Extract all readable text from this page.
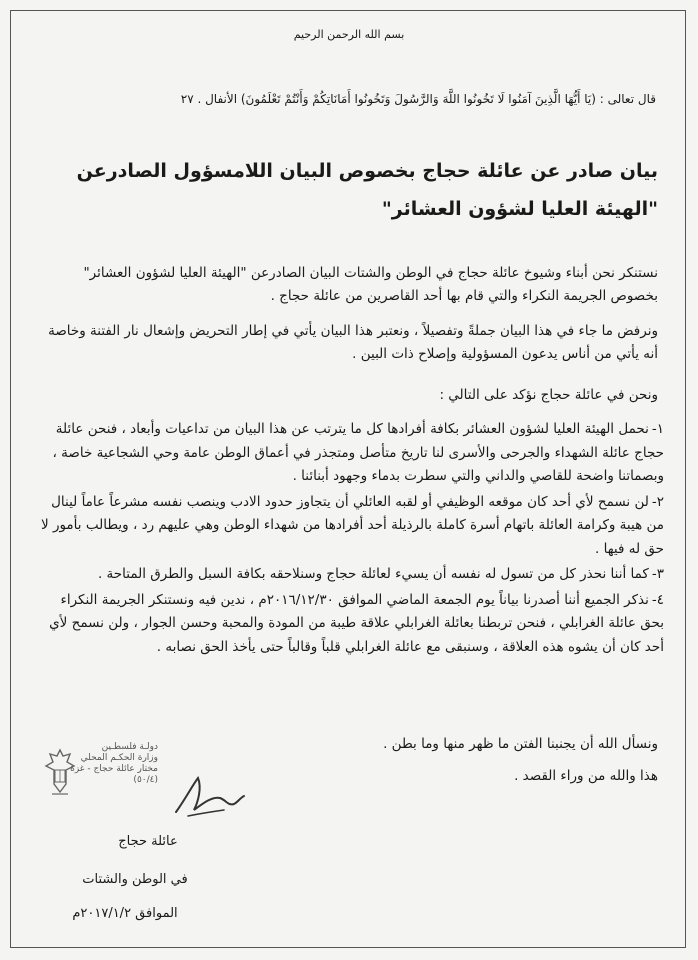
بسم الله الرحمن الرحيم
قال تعالى : (يَا أَيُّهَا الَّذِينَ آمَنُوا لَا تَخُونُوا اللَّهَ وَالرَّسُولَ وَتَخُونُوا أَمَانَاتِكُمْ وَأَنْتُمْ تَعْلَمُونَ) الأنفال . ٢٧
بيان صادر عن عائلة حجاج بخصوص البيان اللامسؤول الصادرعن "الهيئة العليا لشؤون العشائر"
نستنكر نحن أبناء وشيوخ عائلة حجاج في الوطن والشتات البيان الصادرعن "الهيئة العليا لشؤون العشائر" بخصوص الجريمة النكراء والتي قام بها أحد القاصرين من عائلة حجاج .
ونرفض ما جاء في هذا البيان جملةً وتفصيلاً ، ونعتبر هذا البيان يأتي في إطار التحريض وإشعال نار الفتنة وخاصة أنه يأتي من أناس يدعون المسؤولية وإصلاح ذات البين .
ونحن في عائلة حجاج نؤكد على التالي :
١-نحمل الهيئة العليا لشؤون العشائر بكافة أفرادها كل ما يترتب عن هذا البيان من تداعيات وأبعاد ، فنحن عائلة حجاج عائلة الشهداء والجرحى والأسرى لنا تاريخ متأصل ومتجذر في أعماق الوطن عامة وحي الشجاعية خاصة ، وبصماتنا واضحة للقاصي والداني والتي سطرت بدماء وجهود أبنائنا .
٢-لن نسمح لأي أحد كان موقعه الوظيفي أو لقبه العائلي أن يتجاوز حدود الادب وينصب نفسه مشرعاً عاماً لينال من هيبة وكرامة العائلة باتهام أسرة كاملة بالرذيلة أحد أفرادها من شهداء الوطن وهي عليهم رد ، ويطالب بأمور لا حق له فيها .
٣-كما أننا نحذر كل من تسول له نفسه أن يسيء لعائلة حجاج وسنلاحقه بكافة السبل والطرق المتاحة .
٤-نذكر الجميع أننا أصدرنا بياناً يوم الجمعة الماضي الموافق ٢٠١٦/١٢/٣٠م ، ندين فيه ونستنكر الجريمة النكراء بحق عائلة الغرابلي ، فنحن تربطنا بعائلة الغرابلي علاقة طيبة من المودة والمحبة وحسن الجوار ، ولن نسمح لأي أحد كان أن يشوه هذه العلاقة ، وسنبقى مع عائلة الغرابلي قلباً وقالباً حتى يأخذ الحق نصابه .
ونسأل الله أن يجنبنا الفتن ما ظهر منها وما بطن .
هذا والله من وراء القصد .
دولـة فلسطـين
وزارة الحكـم المحلي
مختار عائلة حجاج - غزة
(٥٠/٤)
عائلة حجاج
في الوطن والشتات
الموافق ٢٠١٧/١/٢م
